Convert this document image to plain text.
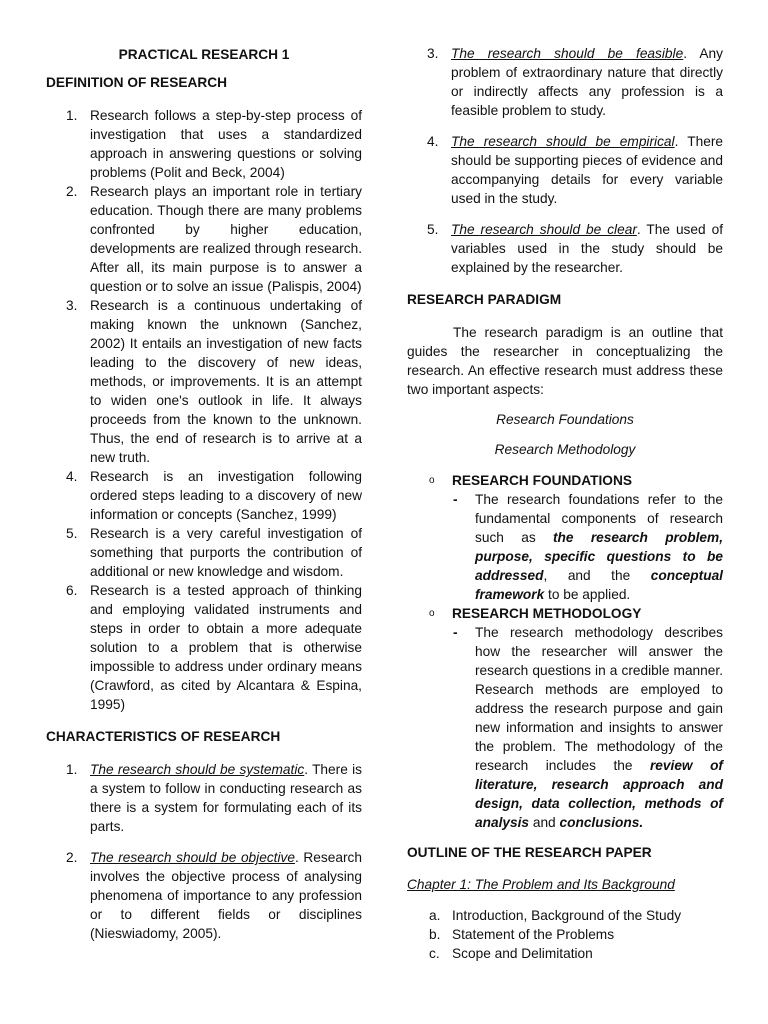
PRACTICAL RESEARCH 1
DEFINITION OF RESEARCH
1. Research follows a step-by-step process of investigation that uses a standardized approach in answering questions or solving problems (Polit and Beck, 2004)
2. Research plays an important role in tertiary education. Though there are many problems confronted by higher education, developments are realized through research. After all, its main purpose is to answer a question or to solve an issue (Palispis, 2004)
3. Research is a continuous undertaking of making known the unknown (Sanchez, 2002) It entails an investigation of new facts leading to the discovery of new ideas, methods, or improvements. It is an attempt to widen one's outlook in life. It always proceeds from the known to the unknown. Thus, the end of research is to arrive at a new truth.
4. Research is an investigation following ordered steps leading to a discovery of new information or concepts (Sanchez, 1999)
5. Research is a very careful investigation of something that purports the contribution of additional or new knowledge and wisdom.
6. Research is a tested approach of thinking and employing validated instruments and steps in order to obtain a more adequate solution to a problem that is otherwise impossible to address under ordinary means (Crawford, as cited by Alcantara & Espina, 1995)
CHARACTERISTICS OF RESEARCH
1. The research should be systematic. There is a system to follow in conducting research as there is a system for formulating each of its parts.
2. The research should be objective. Research involves the objective process of analysing phenomena of importance to any profession or to different fields or disciplines (Nieswiadomy, 2005).
3. The research should be feasible. Any problem of extraordinary nature that directly or indirectly affects any profession is a feasible problem to study.
4. The research should be empirical. There should be supporting pieces of evidence and accompanying details for every variable used in the study.
5. The research should be clear. The used of variables used in the study should be explained by the researcher.
RESEARCH PARADIGM

The research paradigm is an outline that guides the researcher in conceptualizing the research. An effective research must address these two important aspects:

Research Foundations
Research Methodology
o RESEARCH FOUNDATIONS
- The research foundations refer to the fundamental components of research such as the research problem, purpose, specific questions to be addressed, and the conceptual framework to be applied.
o RESEARCH METHODOLOGY
- The research methodology describes how the researcher will answer the research questions in a credible manner. Research methods are employed to address the research purpose and gain new information and insights to answer the problem. The methodology of the research includes the review of literature, research approach and design, data collection, methods of analysis and conclusions.
OUTLINE OF THE RESEARCH PAPER
Chapter 1: The Problem and Its Background
a. Introduction, Background of the Study
b. Statement of the Problems
c. Scope and Delimitation
